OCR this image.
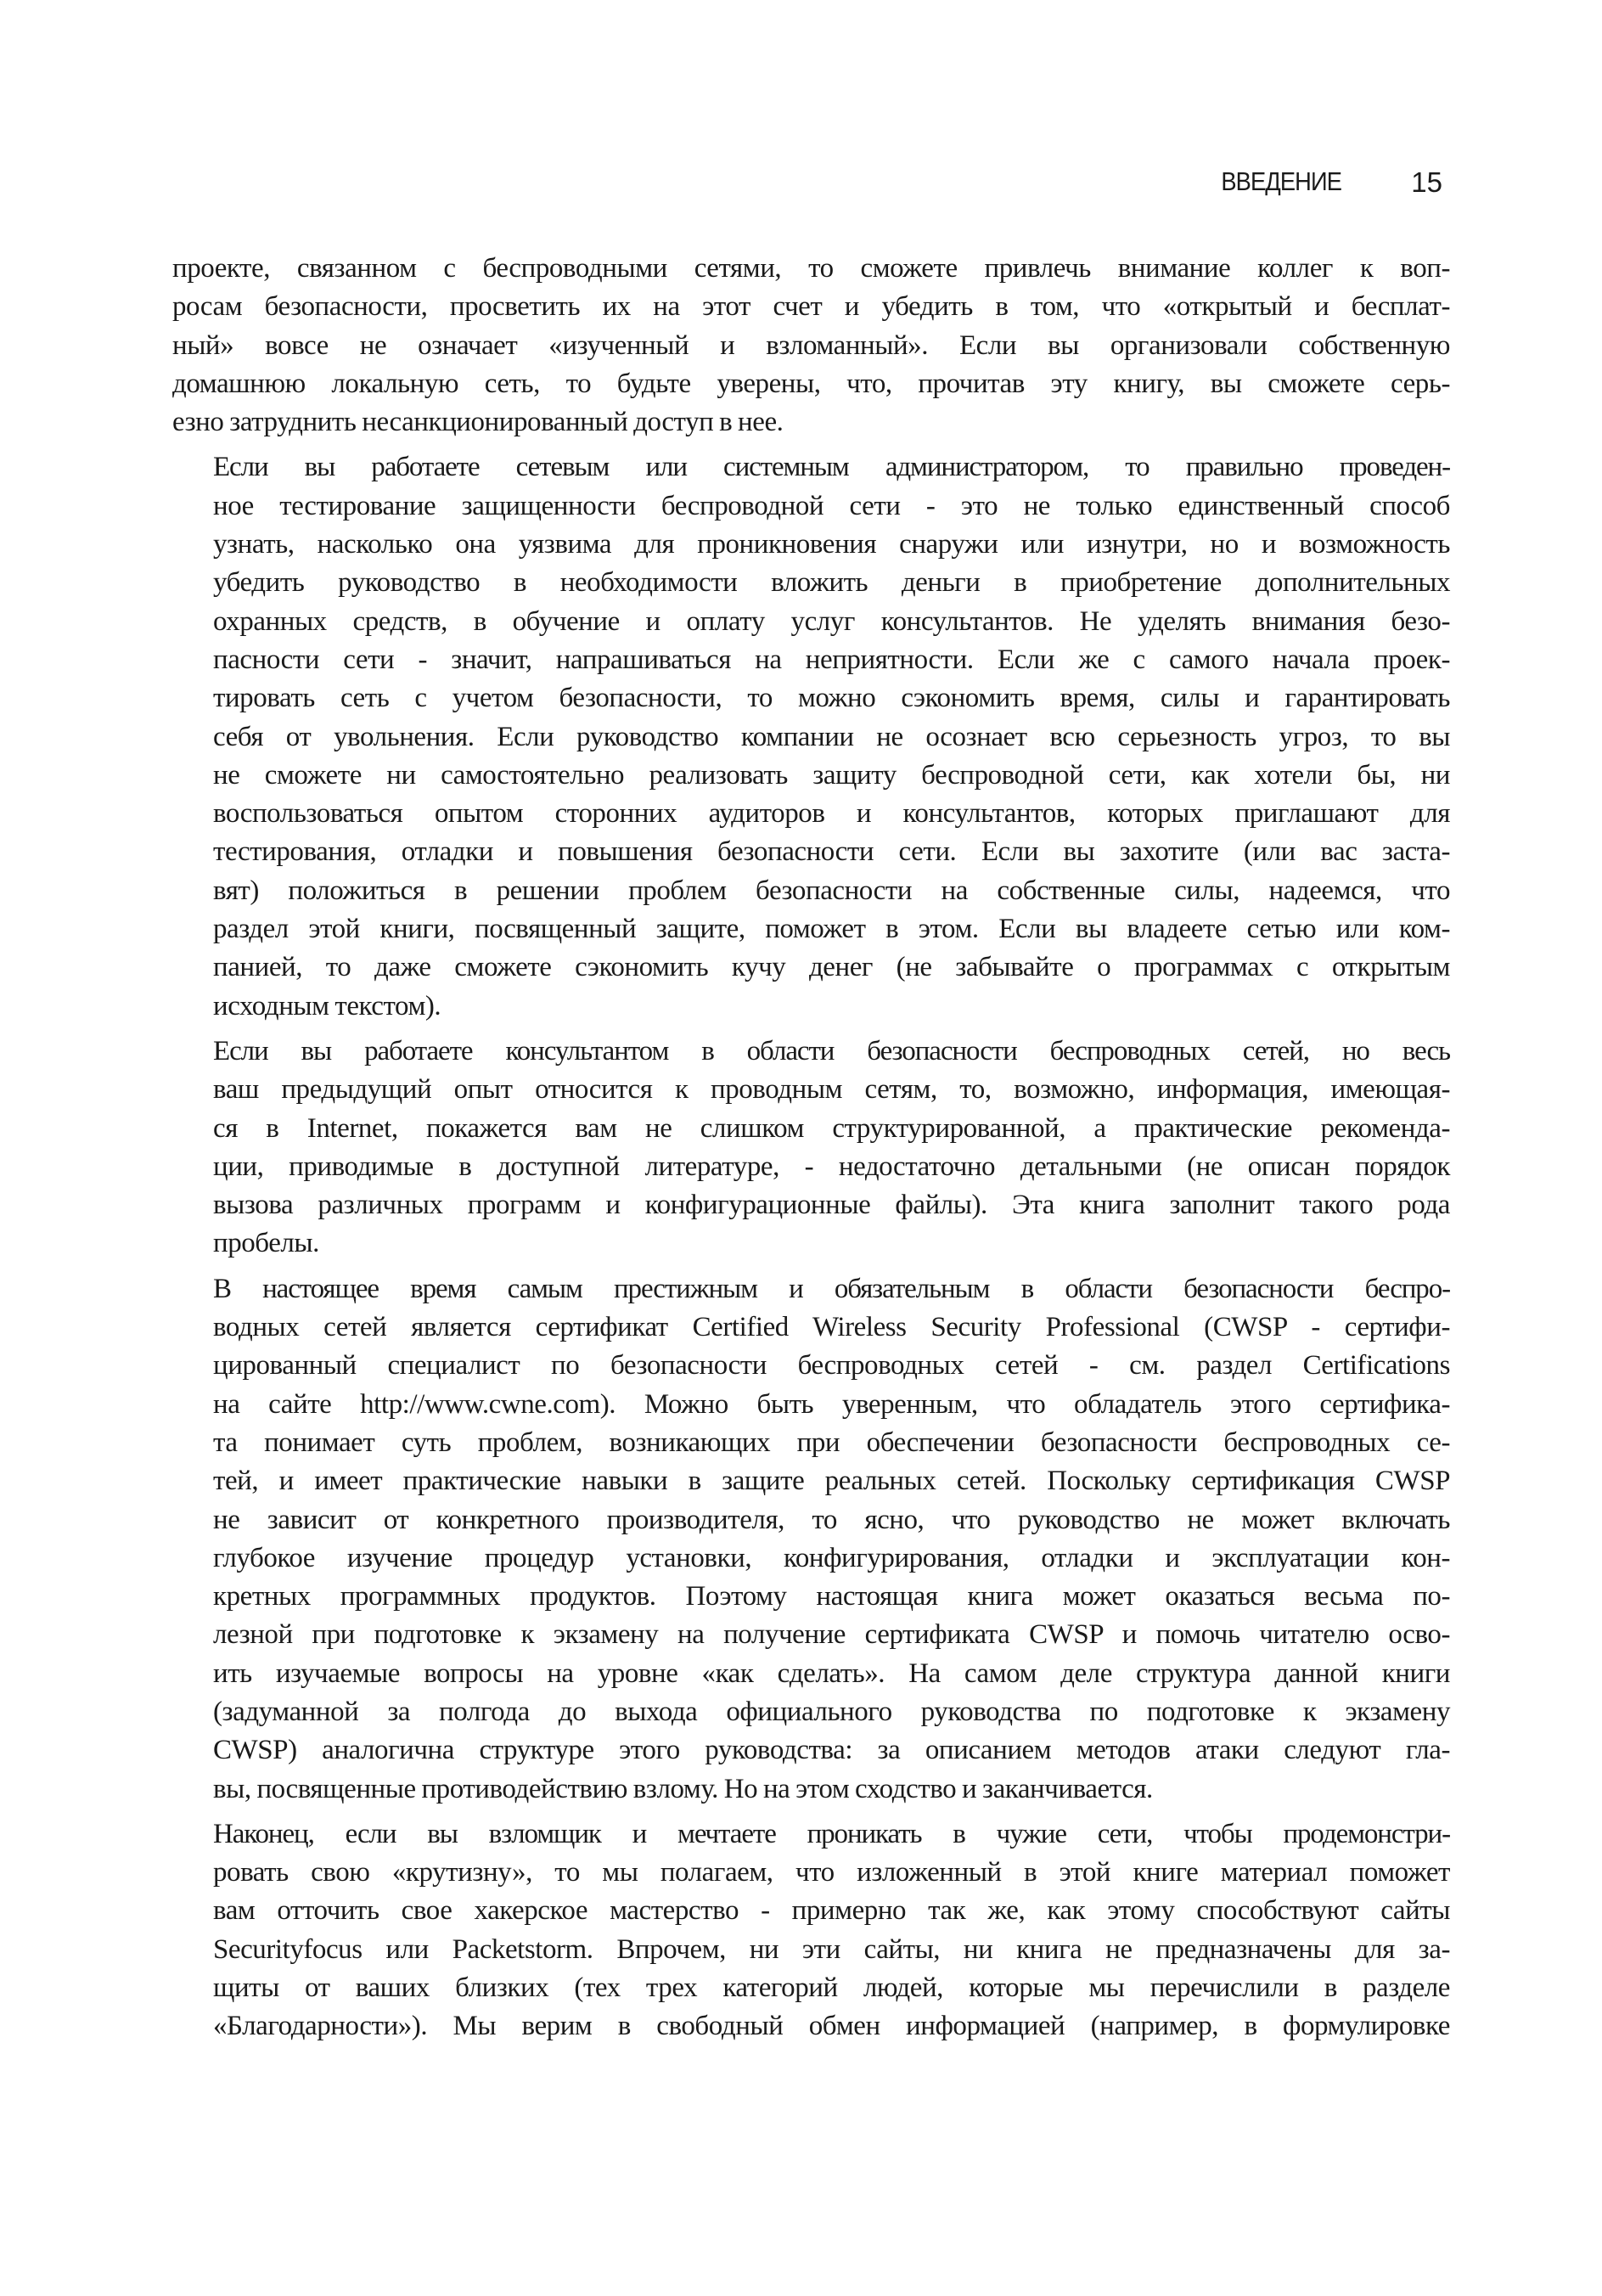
ВВЕДЕНИЕ 15

проекте, связанном с беспроводными сетями, то сможете привлечь внимание коллег к воп-
росам безопасности, просветить их на этот счет и убедить в том, что «открытый и бесплат-
ный» вовсе не означает «изученный и взломанный». Если вы организовали собственную
домашнюю локальную сеть, то будьте уверены, что, прочитав эту книгу, вы сможете серь-
езно затруднить несанкционированный доступ в нее.

Если вы работаете сетевым или системным администратором, то правильно проведен-
ное тестирование защищенности беспроводной сети - это не только единственный способ
узнать, насколько она уязвима для проникновения снаружи или изнутри, но и возможность
убедить руководство в необходимости вложить деньги в приобретение дополнительных
охранных средств, в обучение и оплату услуг консультантов. Не уделять внимания безо-
пасности сети - значит, напрашиваться на неприятности. Если же с самого начала проек-
тировать сеть с учетом безопасности, то можно сэкономить время, силы и гарантировать
себя от увольнения. Если руководство компании не осознает всю серьезность угроз, то вы
не сможете ни самостоятельно реализовать защиту беспроводной сети, как хотели бы, ни
воспользоваться опытом сторонних аудиторов и консультантов, которых приглашают для
тестирования, отладки и повышения безопасности сети. Если вы захотите (или вас заста-
вят) положиться в решении проблем безопасности на собственные силы, надеемся, что
раздел этой книги, посвященный защите, поможет в этом. Если вы владеете сетью или ком-
панией, то даже сможете сэкономить кучу денег (не забывайте о программах с открытым
исходным текстом).

Если вы работаете консультантом в области безопасности беспроводных сетей, но весь
ваш предыдущий опыт относится к проводным сетям, то, возможно, информация, имеющая-
ся в Internet, покажется вам не слишком структурированной, а практические рекоменда-
ции, приводимые в доступной литературе, - недостаточно детальными (не описан порядок
вызова различных программ и конфигурационные файлы). Эта книга заполнит такого рода
пробелы.

В настоящее время самым престижным и обязательным в области безопасности беспро-
водных сетей является сертификат Certified Wireless Security Professional (CWSP - сертифи-
цированный специалист по безопасности беспроводных сетей - см. раздел Certifications
на сайте http://www.cwne.com). Можно быть уверенным, что обладатель этого сертифика-
та понимает суть проблем, возникающих при обеспечении безопасности беспроводных се-
тей, и имеет практические навыки в защите реальных сетей. Поскольку сертификация CWSP
не зависит от конкретного производителя, то ясно, что руководство не может включать
глубокое изучение процедур установки, конфигурирования, отладки и эксплуатации кон-
кретных программных продуктов. Поэтому настоящая книга может оказаться весьма по-
лезной при подготовке к экзамену на получение сертификата CWSP и помочь читателю осво-
ить изучаемые вопросы на уровне «как сделать». На самом деле структура данной книги
(задуманной за полгода до выхода официального руководства по подготовке к экзамену
CWSP) аналогична структуре этого руководства: за описанием методов атаки следуют гла-
вы, посвященные противодействию взлому. Но на этом сходство и заканчивается.

Наконец, если вы взломщик и мечтаете проникать в чужие сети, чтобы продемонстри-
ровать свою «крутизну», то мы полагаем, что изложенный в этой книге материал поможет
вам отточить свое хакерское мастерство - примерно так же, как этому способствуют сайты
Securityfocus или Packetstorm. Впрочем, ни эти сайты, ни книга не предназначены для за-
щиты от ваших близких (тех трех категорий людей, которые мы перечислили в разделе
«Благодарности»). Мы верим в свободный обмен информацией (например, в формулировке
